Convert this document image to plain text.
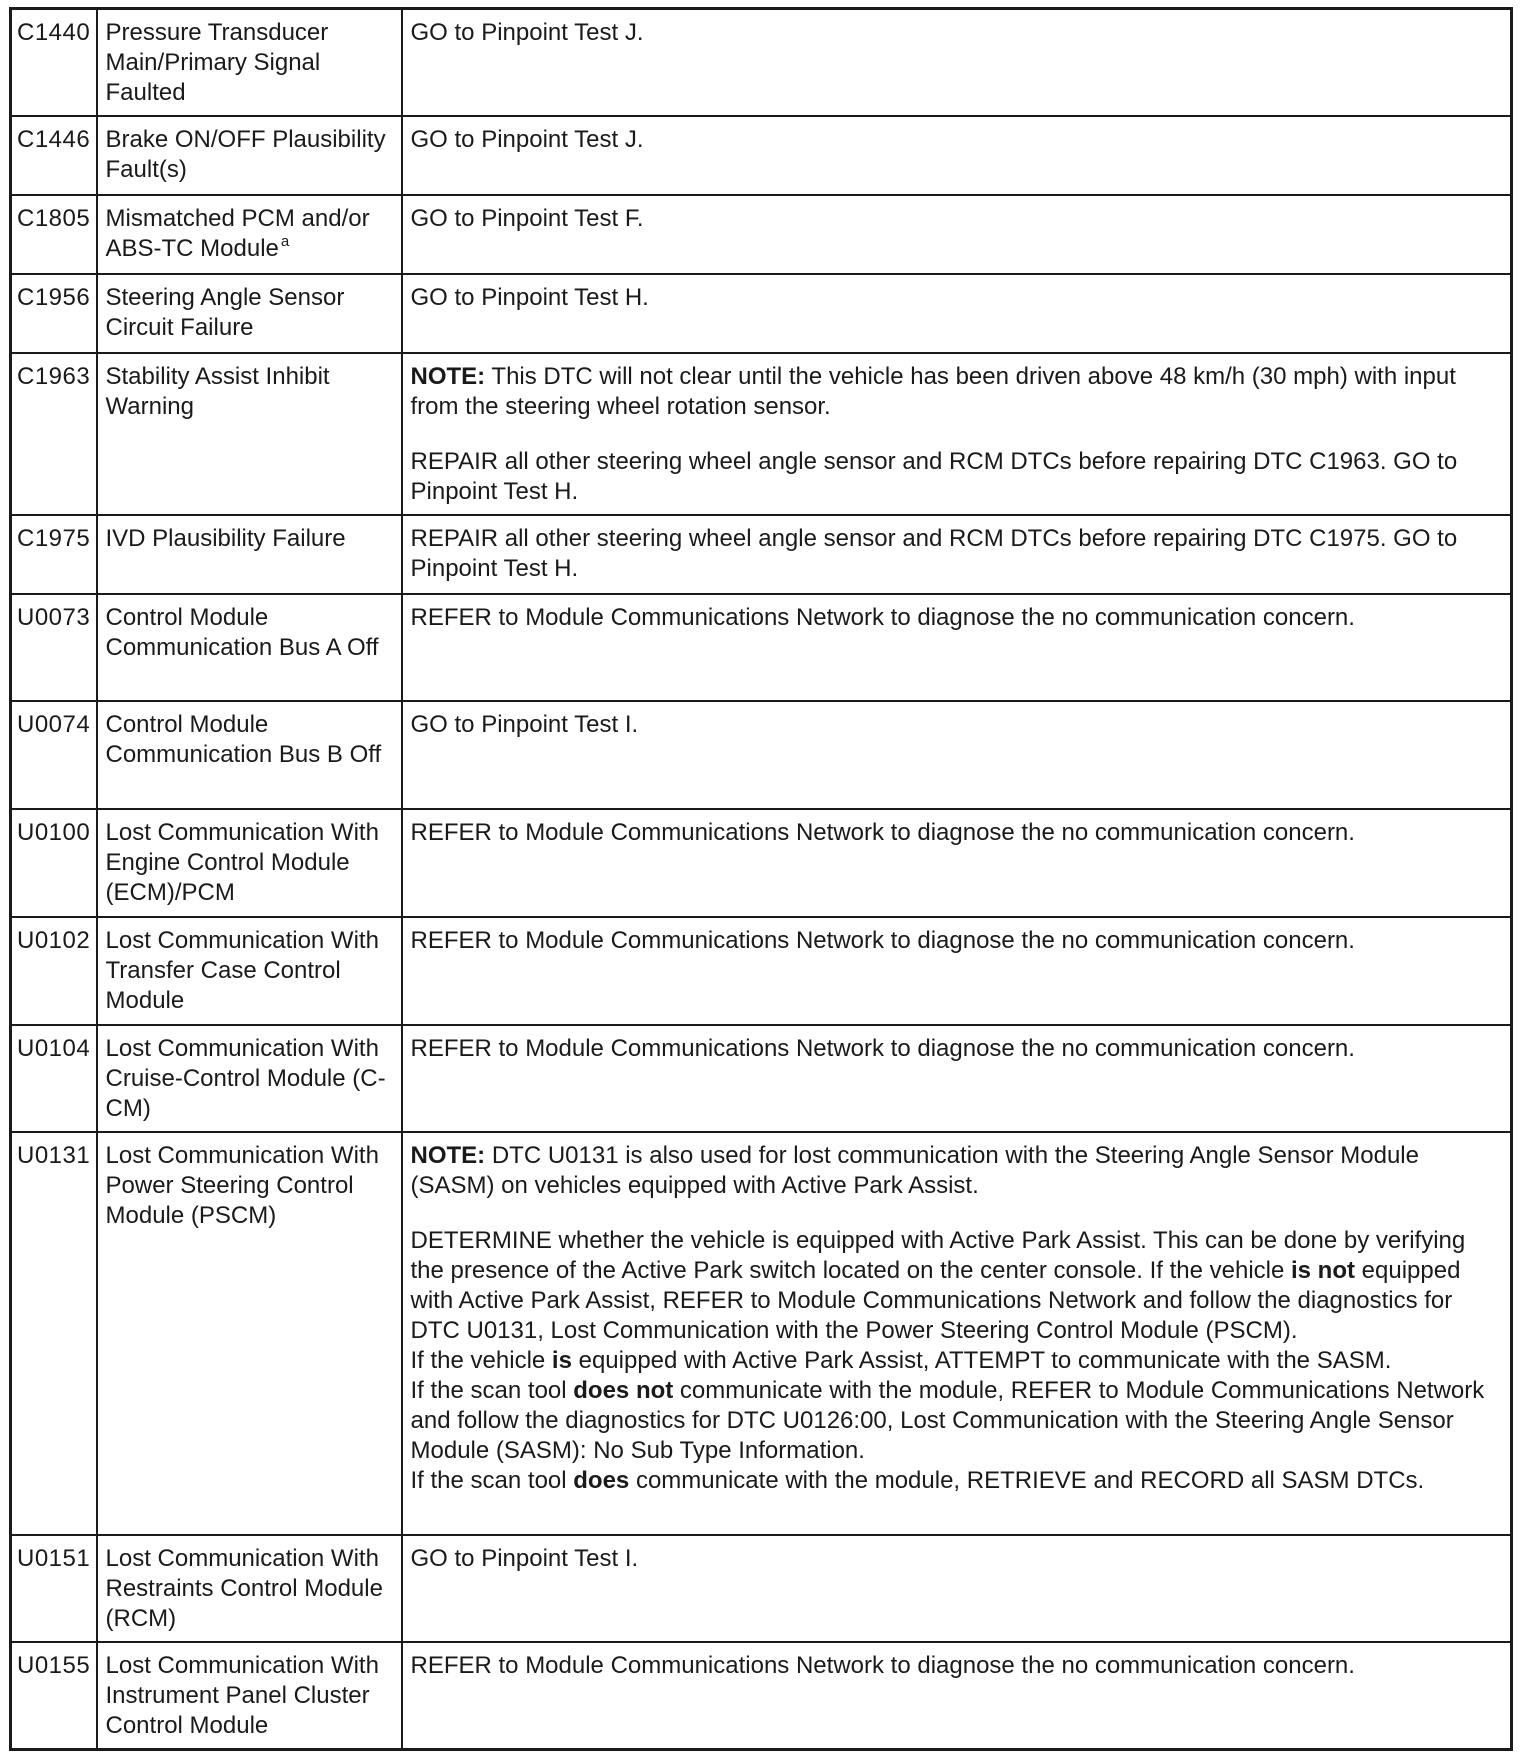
C1440	Pressure Transducer Main/Primary Signal Faulted	GO to Pinpoint Test J.
C1446	Brake ON/OFF Plausibility Fault(s)	GO to Pinpoint Test J.
C1805	Mismatched PCM and/or ABS-TC Module $^a$	GO to Pinpoint Test F.
C1956	Steering Angle Sensor Circuit Failure	GO to Pinpoint Test H.
C1963	Stability Assist Inhibit Warning	NOTE: This DTC will not clear until the vehicle has been driven above 48 km/h (30 mph) with input from the steering wheel rotation sensor.
REPAIR all other steering wheel angle sensor and RCM DTCs before repairing DTC C1963. GO to Pinpoint Test H.

C1975	IVD Plausibility Failure	REPAIR all other steering wheel angle sensor and RCM DTCs before repairing DTC C1975. GO to Pinpoint Test H.
U0073	Control Module Communication Bus A Off	REFER to Module Communications Network to diagnose the no communication concern.
U0074	Control Module Communication Bus B Off	GO to Pinpoint Test I.
U0100	Lost Communication With Engine Control Module (ECM)/PCM	REFER to Module Communications Network to diagnose the no communication concern.
U0102	Lost Communication With Transfer Case Control Module	REFER to Module Communications Network to diagnose the no communication concern.
U0104	Lost Communication With Cruise-Control Module (C-CM)	REFER to Module Communications Network to diagnose the no communication concern.
U0131	Lost Communication With Power Steering Control Module (PSCM)	NOTE: DTC U0131 is also used for lost communication with the Steering Angle Sensor Module (SASM) on vehicles equipped with Active Park Assist.
DETERMINE whether the vehicle is equipped with Active Park Assist. This can be done by verifying the presence of the Active Park switch located on the center console. If the vehicle is not equipped with Active Park Assist, REFER to Module Communications Network and follow the diagnostics for DTC U0131, Lost Communication with the Power Steering Control Module (PSCM).
If the vehicle is equipped with Active Park Assist, ATTEMPT to communicate with the SASM.
If the scan tool does not communicate with the module, REFER to Module Communications Network and follow the diagnostics for DTC U0126:00, Lost Communication with the Steering Angle Sensor Module (SASM): No Sub Type Information.
If the scan tool does communicate with the module, RETRIEVE and RECORD all SASM DTCs.

U0151	Lost Communication With Restraints Control Module (RCM)	GO to Pinpoint Test I.
U0155	Lost Communication With Instrument Panel Cluster Control Module	REFER to Module Communications Network to diagnose the no communication concern.
